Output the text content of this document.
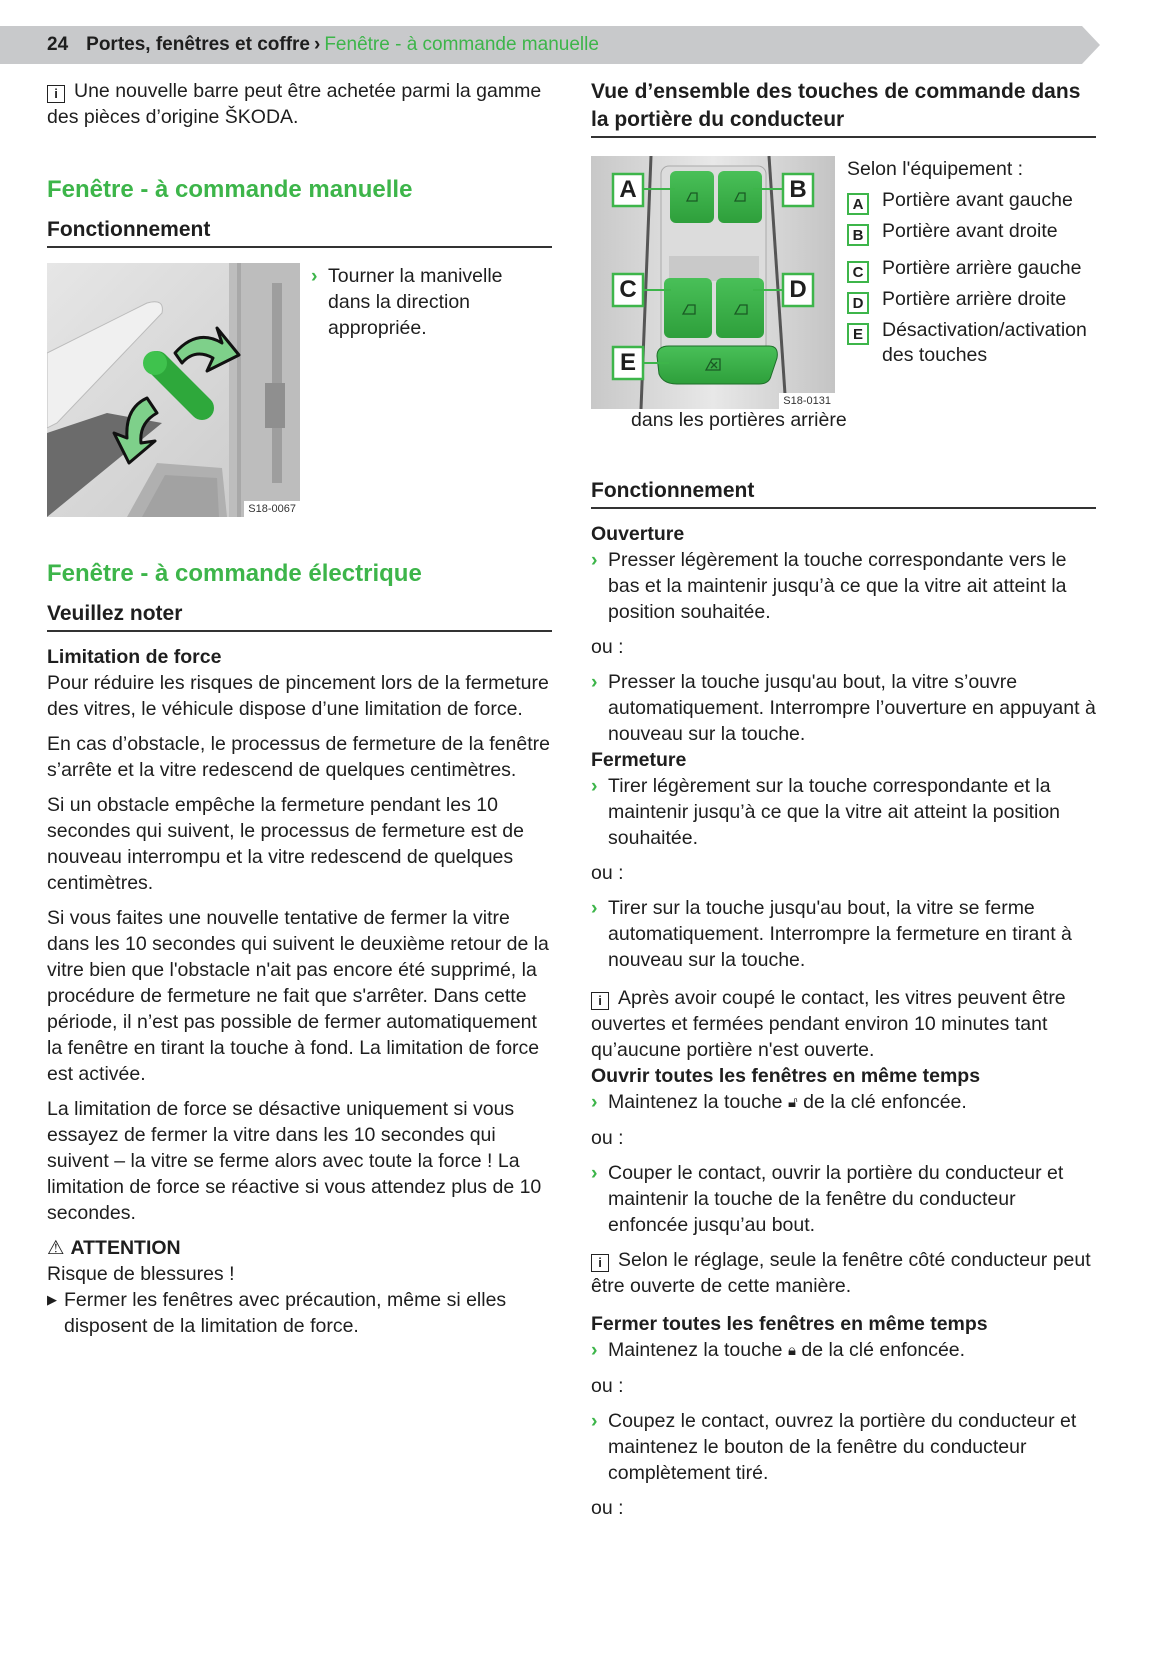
24 Portes, fenêtres et coffre › Fenêtre - à commande manuelle

i Une nouvelle barre peut être achetée parmi la gamme des pièces d’origine ŠKODA.

Fenêtre - à commande manuelle
Fonctionnement
S18-0067
› Tourner la manivelle dans la direction appropriée.
Fenêtre - à commande électrique
Veuillez noter

Limitation de force

Pour réduire les risques de pincement lors de la fermeture des vitres, le véhicule dispose d’une limitation de force.

En cas d’obstacle, le processus de fermeture de la fenêtre s’arrête et la vitre redescend de quelques centimètres.

Si un obstacle empêche la fermeture pendant les 10 secondes qui suivent, le processus de fermeture est de nouveau interrompu et la vitre redescend de quelques centimètres.

Si vous faites une nouvelle tentative de fermer la vitre dans les 10 secondes qui suivent le deuxième retour de la vitre bien que l'obstacle n'ait pas encore été supprimé, la procédure de fermeture ne fait que s'arrêter. Dans cette période, il n’est pas possible de fermer automatiquement la fenêtre en tirant la touche à fond. La limitation de force est activée.

La limitation de force se désactive uniquement si vous essayez de fermer la vitre dans les 10 secondes qui suivent – la vitre se ferme alors avec toute la force ! La limitation de force se réactive si vous attendez plus de 10 secondes.

⚠ ATTENTION

Risque de blessures !

▶ Fermer les fenêtres avec précaution, même si elles disposent de la limitation de force.
Vue d’ensemble des touches de commande dans la portière du conducteur
A	B
C	D
E
S18-0131

Selon l'équipement :

A Portière avant gauche
B Portière avant droite
C Portière arrière gauche
D Portière arrière droite
E Désactivation/activation des touches

dans les portières arrière

Fonctionnement

Ouverture

› Presser légèrement la touche correspondante vers le bas et la maintenir jusqu’à ce que la vitre ait atteint la position souhaitée.

ou :

› Presser la touche jusqu'au bout, la vitre s’ouvre automatiquement. Interrompre l’ouverture en appuyant à nouveau sur la touche.

Fermeture

› Tirer légèrement sur la touche correspondante et la maintenir jusqu’à ce que la vitre ait atteint la position souhaitée.

ou :

› Tirer sur la touche jusqu'au bout, la vitre se ferme automatiquement. Interrompre la fermeture en tirant à nouveau sur la touche.

i Après avoir coupé le contact, les vitres peuvent être ouvertes et fermées pendant environ 10 minutes tant qu’aucune portière n'est ouverte.

Ouvrir toutes les fenêtres en même temps

› Maintenez la touche 🔓︎ de la clé enfoncée.

ou :

› Couper le contact, ouvrir la portière du conducteur et maintenir la touche de la fenêtre du conducteur enfoncée jusqu’au bout.

i Selon le réglage, seule la fenêtre côté conducteur peut être ouverte de cette manière.

Fermer toutes les fenêtres en même temps

› Maintenez la touche 🔒︎ de la clé enfoncée.

ou :

› Coupez le contact, ouvrez la portière du conducteur et maintenez le bouton de la fenêtre du conducteur complètement tiré.

ou :
